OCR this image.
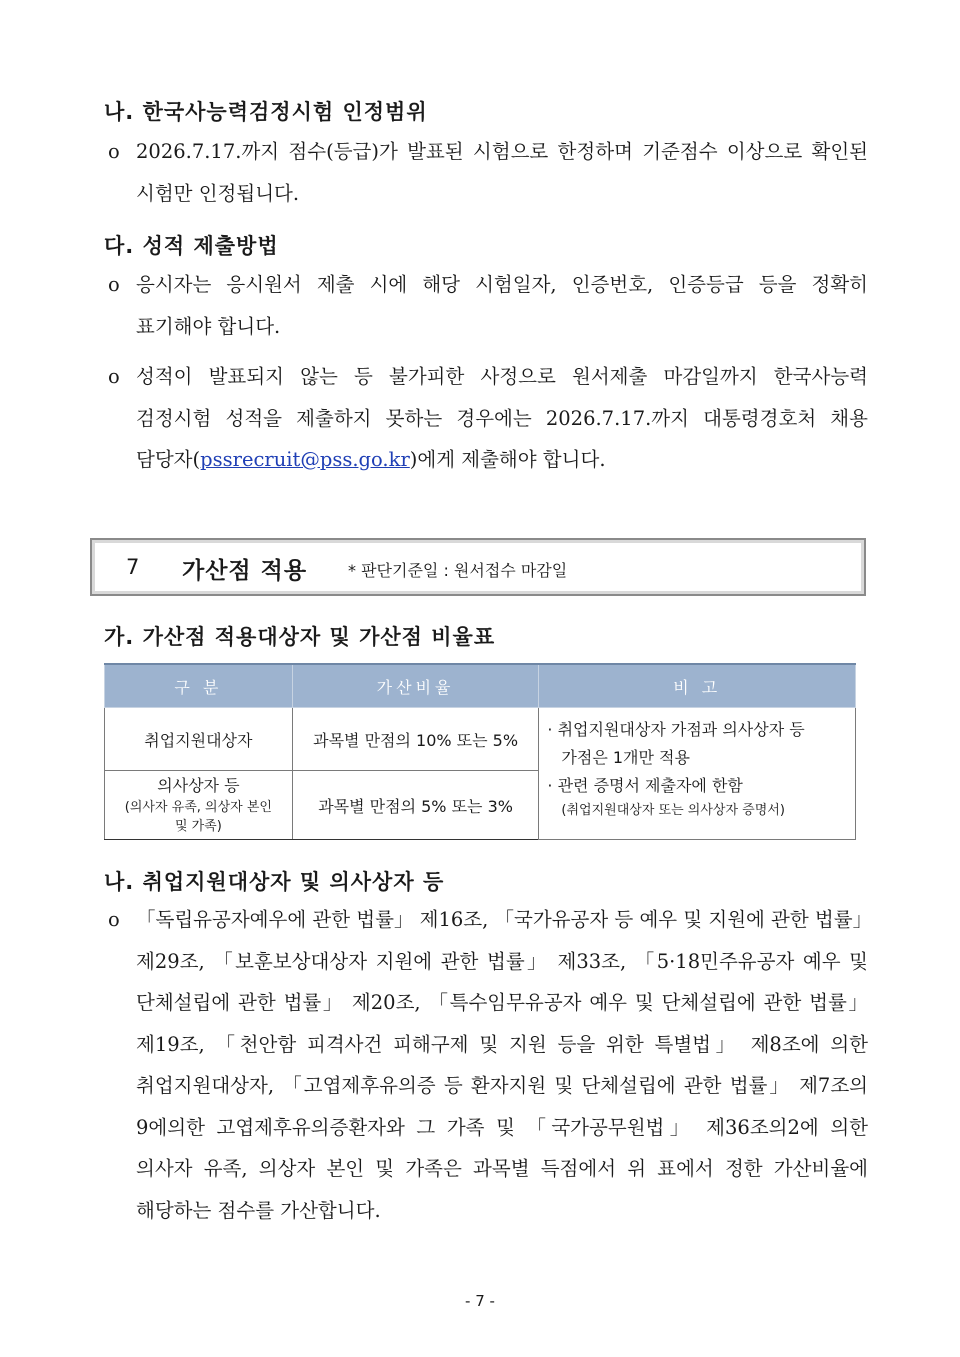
나. 한국사능력검정시험 인정범위
o 2026.7.17.까지 점수(등급)가 발표된 시험으로 한정하며 기준점수 이상으로 확인된
시험만 인정됩니다.
다. 성적 제출방법
o 응시자는 응시원서 제출 시에 해당 시험일자, 인증번호, 인증등급 등을 정확히
표기해야 합니다.
o 성적이 발표되지 않는 등 불가피한 사정으로 원서제출 마감일까지 한국사능력
검정시험 성적을 제출하지 못하는 경우에는 2026.7.17.까지 대통령경호처 채용
담당자(pssrecruit@pss.go.kr)에게 제출해야 합니다.
7 가산점 적용	* 판단기준일 : 원서접수 마감일
가. 가산점 적용대상자 및 가산점 비율표
구 분	가산비율	비 고
취업지원대상자	과목별 만점의 10% 또는 5%	· 취업지원대상자 가점과 의사상자 등
가점은 1개만 적용
· 관련 증명서 제출자에 한함
(취업지원대상자 또는 의사상자 증명서)

의사상자 등
(의사자 유족, 의상자 본인 및 가족)	과목별 만점의 5% 또는 3%	
나. 취업지원대상자 및 의사상자 등
o 「독립유공자예우에 관한 법률」 제16조, 「국가유공자 등 예우 및 지원에 관한 법률」
제29조, 「보훈보상대상자 지원에 관한 법률」 제33조, 「5·18민주유공자 예우 및
단체설립에 관한 법률」 제20조, 「특수임무유공자 예우 및 단체설립에 관한 법률」
제19조, 「천안함 피격사건 피해구제 및 지원 등을 위한 특별법」 제8조에 의한
취업지원대상자, 「고엽제후유의증 등 환자지원 및 단체설립에 관한 법률」 제7조의
9에의한 고엽제후유의증환자와 그 가족 및 「국가공무원법」 제36조의2에 의한
의사자 유족, 의상자 본인 및 가족은 과목별 득점에서 위 표에서 정한 가산비율에
해당하는 점수를 가산합니다.
- 7 -
